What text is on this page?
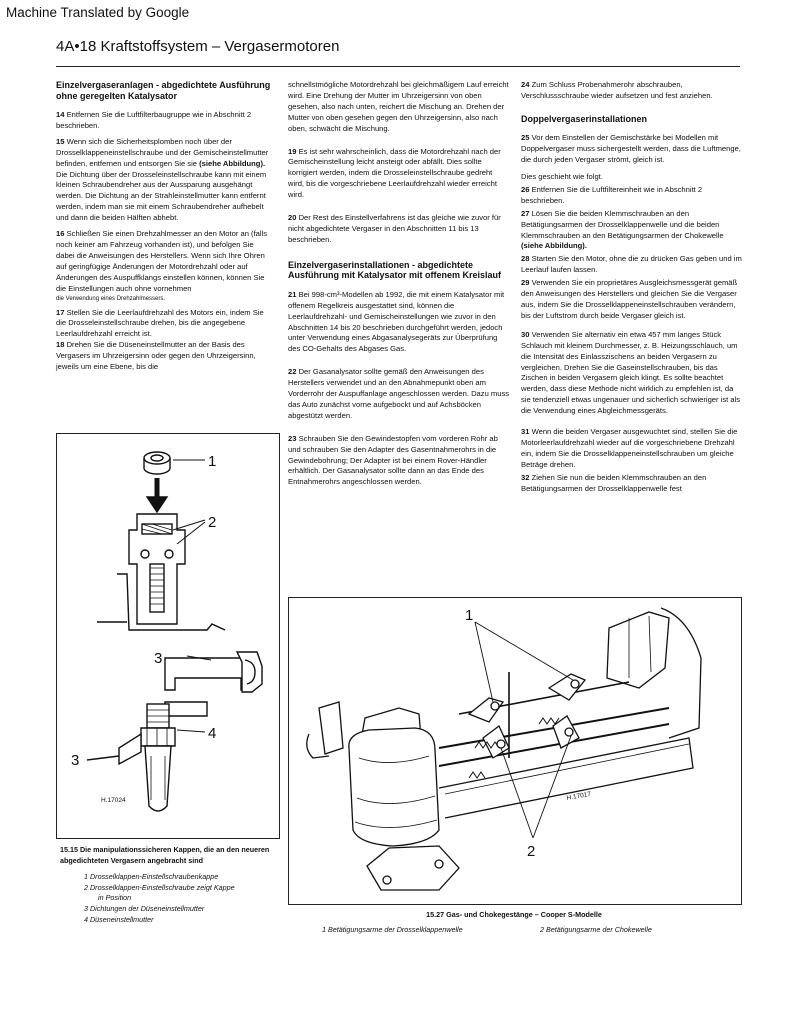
Machine Translated by Google
4A•18 Kraftstoffsystem – Vergasermotoren
Einzelvergaseranlagen - abgedichtete Ausführung ohne geregelten Katalysator

14 Entfernen Sie die Luftfilterbaugruppe wie in Abschnitt 2 beschrieben.

15 Wenn sich die Sicherheitsplomben noch über der Drosselklappeneinstellschraube und der Gemischeinstellmutter befinden, entfernen und entsorgen Sie sie (siehe Abbildung). Die Dichtung über der Drosseleinstellschraube kann mit einem kleinen Schraubendreher aus der Aussparung ausgehängt werden. Die Dichtung an der Strahleinstellmutter kann entfernt werden, indem man sie mit einem Schraubendreher aufhebelt und dann die beiden Hälften abhebt.

16 Schließen Sie einen Drehzahlmesser an den Motor an (falls noch keiner am Fahrzeug vorhanden ist), und befolgen Sie dabei die Anweisungen des Herstellers. Wenn sich Ihre Ohren auf geringfügige Änderungen der Motordrehzahl oder auf Änderungen des Auspuffklangs einstellen können, können Sie die Einstellungen auch ohne vornehmen

die Verwendung eines Drehzahlmessers.

17 Stellen Sie die Leerlaufdrehzahl des Motors ein, indem Sie die Drosseleinstellschraube drehen, bis die angegebene Leerlaufdrehzahl erreicht ist.

18 Drehen Sie die Düseneinstellmutter an der Basis des Vergasers im Uhrzeigersinn oder gegen den Uhrzeigersinn, jeweils um eine Ebene, bis die

schnellstmögliche Motordrehzahl bei gleichmäßigem Lauf erreicht wird. Eine Drehung der Mutter im Uhrzeigersinn von oben gesehen, also nach unten, reichert die Mischung an. Drehen der Mutter von oben gesehen gegen den Uhrzeigersinn, also nach oben, schwächt die Mischung.

19 Es ist sehr wahrscheinlich, dass die Motordrehzahl nach der Gemischeinstellung leicht ansteigt oder abfällt. Dies sollte korrigiert werden, indem die Drosseleinstellschraube gedreht wird, bis die vorgeschriebene Leerlaufdrehzahl wieder erreicht wird.

20 Der Rest des Einstellverfahrens ist das gleiche wie zuvor für nicht abgedichtete Vergaser in den Abschnitten 11 bis 13 beschrieben.

Einzelvergaserinstallationen - abgedichtete Ausführung mit Katalysator mit offenem Kreislauf

21 Bei 998-cm³-Modellen ab 1992, die mit einem Katalysator mit offenem Regelkreis ausgestattet sind, können die Leerlaufdrehzahl- und Gemischeinstellungen wie zuvor in den Abschnitten 14 bis 20 beschrieben durchgeführt werden, jedoch unter Verwendung eines Abgasanalysegeräts zur Überprüfung des CO-Gehalts des Abgases Gas.

22 Der Gasanalysator sollte gemäß den Anweisungen des Herstellers verwendet und an den Abnahmepunkt oben am Vorderrohr der Auspuffanlage angeschlossen werden. Dazu muss das Auto zunächst vorne aufgebockt und auf Achsböcken abgestützt werden.

23 Schrauben Sie den Gewindestopfen vom vorderen Rohr ab und schrauben Sie den Adapter des Gasentnahmerohrs in die Gewindebohrung; Der Adapter ist bei einem Rover-Händler erhältlich. Der Gasanalysator sollte dann an das Ende des Entnahmerohrs angeschlossen werden.

24 Zum Schluss Probenahmerohr abschrauben, Verschlussschraube wieder aufsetzen und fest anziehen.

Doppelvergaserinstallationen

25 Vor dem Einstellen der Gemischstärke bei Modellen mit Doppelvergaser muss sichergestellt werden, dass die Luftmenge, die durch jeden Vergaser strömt, gleich ist.

Dies geschieht wie folgt.

26 Entfernen Sie die Luftfiltereinheit wie in Abschnitt 2 beschrieben.

27 Lösen Sie die beiden Klemmschrauben an den Betätigungsarmen der Drosselklappenwelle und die beiden Klemmschrauben an den Betätigungsarmen der Chokewelle (siehe Abbildung).

28 Starten Sie den Motor, ohne die zu drücken Gas geben und im Leerlauf laufen lassen.

29 Verwenden Sie ein proprietäres Ausgleichsmessgerät gemäß den Anweisungen des Herstellers und gleichen Sie die Vergaser aus, indem Sie die Drosselklappeneinstellschrauben verändern, bis der Luftstrom durch beide Vergaser gleich ist.

30 Verwenden Sie alternativ ein etwa 457 mm langes Stück Schlauch mit kleinem Durchmesser, z. B. Heizungsschlauch, um die Intensität des Einlasszischens an beiden Vergasern zu vergleichen. Drehen Sie die Gaseinstellschrauben, bis das Zischen in beiden Vergasern gleich klingt. Es sollte beachtet werden, dass diese Methode nicht wirklich zu empfehlen ist, da sie tendenziell etwas ungenauer und sicherlich schwieriger ist als die Verwendung eines Abgleichmessgeräts.

31 Wenn die beiden Vergaser ausgewuchtet sind, stellen Sie die Motorleerlaufdrehzahl wieder auf die vorgeschriebene Drehzahl ein, indem Sie die Drosselklappeneinstellschrauben um gleiche Beträge drehen.

32 Ziehen Sie nun die beiden Klemmschrauben an den Betätigungsarmen der Drosselklappenwelle fest

1
2
3
4
3
H.17024
15.15 Die manipulationssicheren Kappen, die an den neueren abgedichteten Vergasern angebracht sind
1 Drosselklappen-Einstellschraubenkappe
2 Drosselklappen-Einstellschraube zeigt Kappe
in Position
3 Dichtungen der Düseneinstellmutter
4 Düseneinstellmutter
1
2
H.17017
15.27 Gas- und Chokegestänge – Cooper S-Modelle
1 Betätigungsarme der Drosselklappenwelle	2 Betätigungsarme der Chokewelle
